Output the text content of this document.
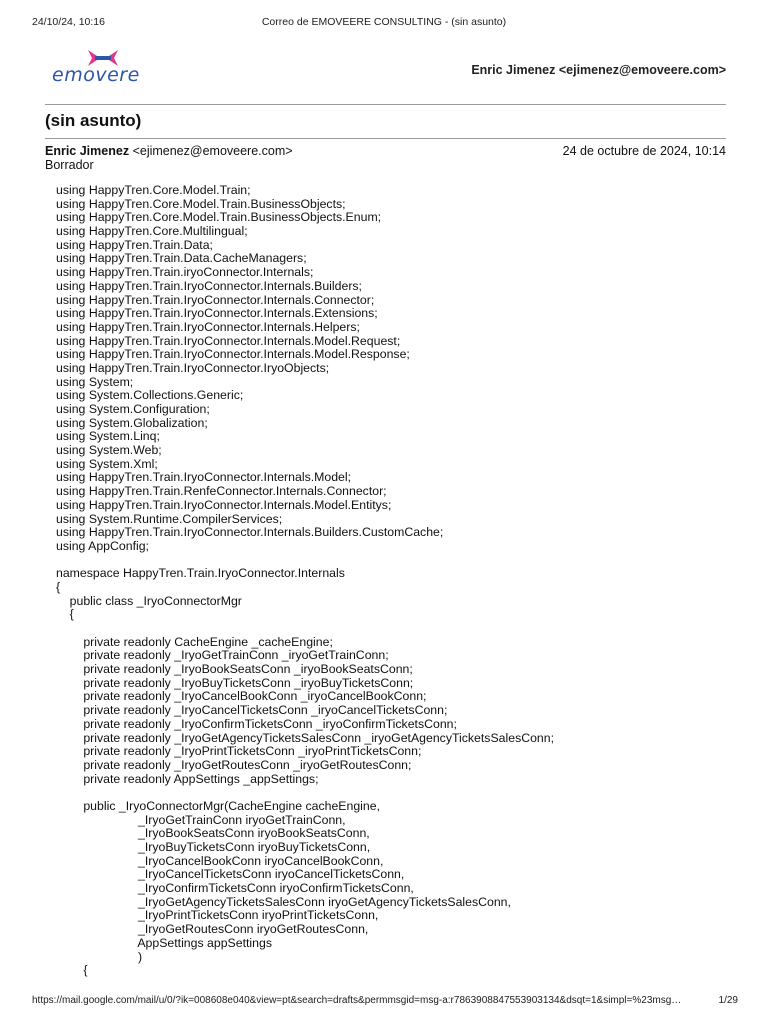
24/10/24, 10:16	Correo de EMOVEERE CONSULTING - (sin asunto)
emovere	Enric Jimenez <ejimenez@emoveere.com>
(sin asunto)
Enric Jimenez <ejimenez@emoveere.com>	24 de octubre de 2024, 10:14
Borrador
using HappyTren.Core.Model.Train;
using HappyTren.Core.Model.Train.BusinessObjects;
using HappyTren.Core.Model.Train.BusinessObjects.Enum;
using HappyTren.Core.Multilingual;
using HappyTren.Train.Data;
using HappyTren.Train.Data.CacheManagers;
using HappyTren.Train.iryoConnector.Internals;
using HappyTren.Train.IryoConnector.Internals.Builders;
using HappyTren.Train.IryoConnector.Internals.Connector;
using HappyTren.Train.IryoConnector.Internals.Extensions;
using HappyTren.Train.IryoConnector.Internals.Helpers;
using HappyTren.Train.IryoConnector.Internals.Model.Request;
using HappyTren.Train.IryoConnector.Internals.Model.Response;
using HappyTren.Train.IryoConnector.IryoObjects;
using System;
using System.Collections.Generic;
using System.Configuration;
using System.Globalization;
using System.Linq;
using System.Web;
using System.Xml;
using HappyTren.Train.IryoConnector.Internals.Model;
using HappyTren.Train.RenfeConnector.Internals.Connector;
using HappyTren.Train.IryoConnector.Internals.Model.Entitys;
using System.Runtime.CompilerServices;
using HappyTren.Train.IryoConnector.Internals.Builders.CustomCache;
using AppConfig;
namespace HappyTren.Train.IryoConnector.Internals
{
public class _IryoConnectorMgr
{
private readonly CacheEngine _cacheEngine;
private readonly _IryoGetTrainConn _iryoGetTrainConn;
private readonly _IryoBookSeatsConn _iryoBookSeatsConn;
private readonly _IryoBuyTicketsConn _iryoBuyTicketsConn;
private readonly _IryoCancelBookConn _iryoCancelBookConn;
private readonly _IryoCancelTicketsConn _iryoCancelTicketsConn;
private readonly _IryoConfirmTicketsConn _iryoConfirmTicketsConn;
private readonly _IryoGetAgencyTicketsSalesConn _iryoGetAgencyTicketsSalesConn;
private readonly _IryoPrintTicketsConn _iryoPrintTicketsConn;
private readonly _IryoGetRoutesConn _iryoGetRoutesConn;
private readonly AppSettings _appSettings;
public _IryoConnectorMgr(CacheEngine cacheEngine,
_IryoGetTrainConn iryoGetTrainConn,
_IryoBookSeatsConn iryoBookSeatsConn,
_IryoBuyTicketsConn iryoBuyTicketsConn,
_IryoCancelBookConn iryoCancelBookConn,
_IryoCancelTicketsConn iryoCancelTicketsConn,
_IryoConfirmTicketsConn iryoConfirmTicketsConn,
_IryoGetAgencyTicketsSalesConn iryoGetAgencyTicketsSalesConn,
_IryoPrintTicketsConn iryoPrintTicketsConn,
_IryoGetRoutesConn iryoGetRoutesConn,
AppSettings appSettings
)
{
https://mail.google.com/mail/u/0/?ik=008608e040&view=pt&search=drafts&permmsgid=msg-a:r7863908847553903134&dsqt=1&simpl=%23msg…	1/29
